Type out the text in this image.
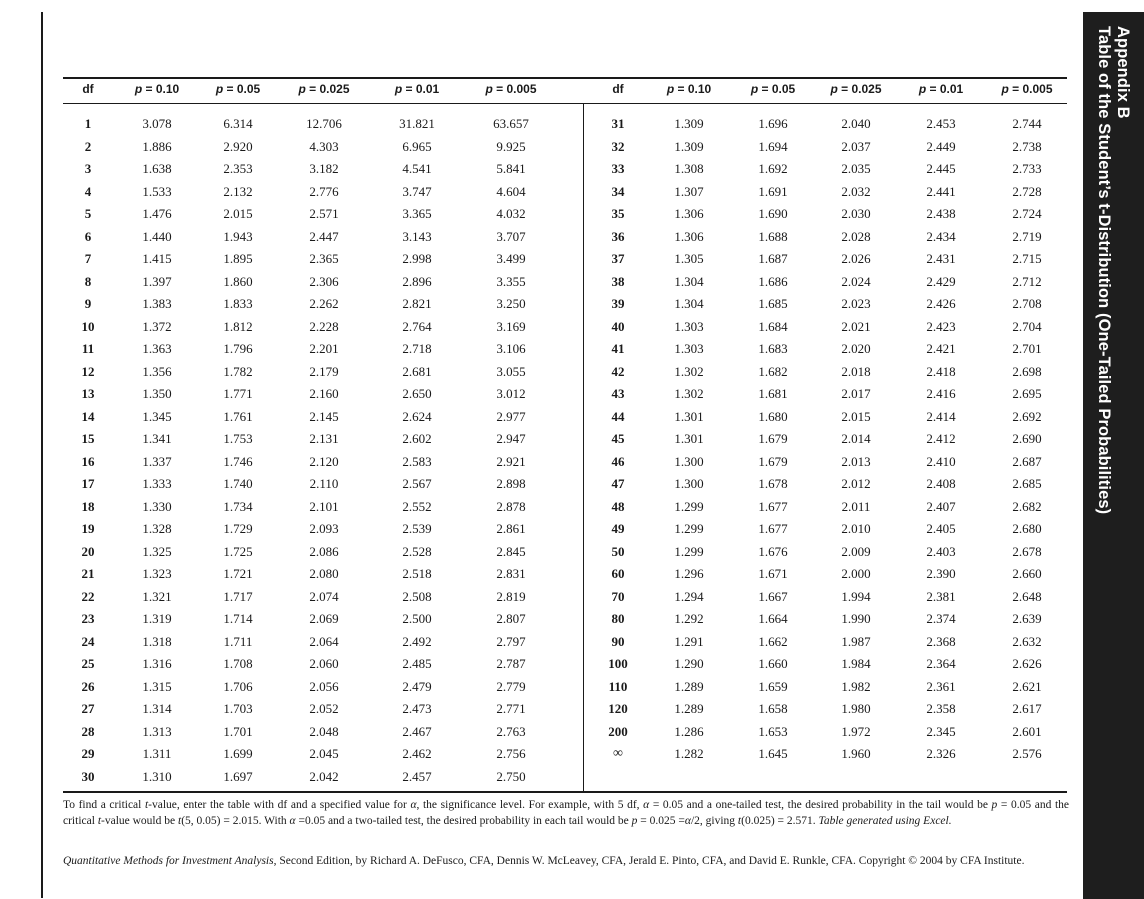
Appendix B
Table of the Student’s t-Distribution (One-Tailed Probabilities)
df	p = 0.10	p = 0.05	p = 0.025	p = 0.01	p = 0.005	df	p = 0.10	p = 0.05	p = 0.025	p = 0.01	p = 0.005
1	3.078	6.314	12.706	31.821	63.657
2	1.886	2.920	4.303	6.965	9.925
3	1.638	2.353	3.182	4.541	5.841
4	1.533	2.132	2.776	3.747	4.604
5	1.476	2.015	2.571	3.365	4.032
6	1.440	1.943	2.447	3.143	3.707
7	1.415	1.895	2.365	2.998	3.499
8	1.397	1.860	2.306	2.896	3.355
9	1.383	1.833	2.262	2.821	3.250
10	1.372	1.812	2.228	2.764	3.169
11	1.363	1.796	2.201	2.718	3.106
12	1.356	1.782	2.179	2.681	3.055
13	1.350	1.771	2.160	2.650	3.012
14	1.345	1.761	2.145	2.624	2.977
15	1.341	1.753	2.131	2.602	2.947
16	1.337	1.746	2.120	2.583	2.921
17	1.333	1.740	2.110	2.567	2.898
18	1.330	1.734	2.101	2.552	2.878
19	1.328	1.729	2.093	2.539	2.861
20	1.325	1.725	2.086	2.528	2.845
21	1.323	1.721	2.080	2.518	2.831
22	1.321	1.717	2.074	2.508	2.819
23	1.319	1.714	2.069	2.500	2.807
24	1.318	1.711	2.064	2.492	2.797
25	1.316	1.708	2.060	2.485	2.787
26	1.315	1.706	2.056	2.479	2.779
27	1.314	1.703	2.052	2.473	2.771
28	1.313	1.701	2.048	2.467	2.763
29	1.311	1.699	2.045	2.462	2.756
30	1.310	1.697	2.042	2.457	2.750
31	1.309	1.696	2.040	2.453	2.744
32	1.309	1.694	2.037	2.449	2.738
33	1.308	1.692	2.035	2.445	2.733
34	1.307	1.691	2.032	2.441	2.728
35	1.306	1.690	2.030	2.438	2.724
36	1.306	1.688	2.028	2.434	2.719
37	1.305	1.687	2.026	2.431	2.715
38	1.304	1.686	2.024	2.429	2.712
39	1.304	1.685	2.023	2.426	2.708
40	1.303	1.684	2.021	2.423	2.704
41	1.303	1.683	2.020	2.421	2.701
42	1.302	1.682	2.018	2.418	2.698
43	1.302	1.681	2.017	2.416	2.695
44	1.301	1.680	2.015	2.414	2.692
45	1.301	1.679	2.014	2.412	2.690
46	1.300	1.679	2.013	2.410	2.687
47	1.300	1.678	2.012	2.408	2.685
48	1.299	1.677	2.011	2.407	2.682
49	1.299	1.677	2.010	2.405	2.680
50	1.299	1.676	2.009	2.403	2.678
60	1.296	1.671	2.000	2.390	2.660
70	1.294	1.667	1.994	2.381	2.648
80	1.292	1.664	1.990	2.374	2.639
90	1.291	1.662	1.987	2.368	2.632
100	1.290	1.660	1.984	2.364	2.626
110	1.289	1.659	1.982	2.361	2.621
120	1.289	1.658	1.980	2.358	2.617
200	1.286	1.653	1.972	2.345	2.601
∞	1.282	1.645	1.960	2.326	2.576
To find a critical t-value, enter the table with df and a specified value for α, the significance level. For example, with 5 df, α = 0.05 and a one-tailed test, the desired probability in the tail would be p = 0.05 and the critical t-value would be t(5, 0.05) = 2.015. With α =0.05 and a two-tailed test, the desired probability in each tail would be p = 0.025 =α/2, giving t(0.025) = 2.571. Table generated using Excel.
Quantitative Methods for Investment Analysis, Second Edition, by Richard A. DeFusco, CFA, Dennis W. McLeavey, CFA, Jerald E. Pinto, CFA, and David E. Runkle, CFA. Copyright © 2004 by CFA Institute.
